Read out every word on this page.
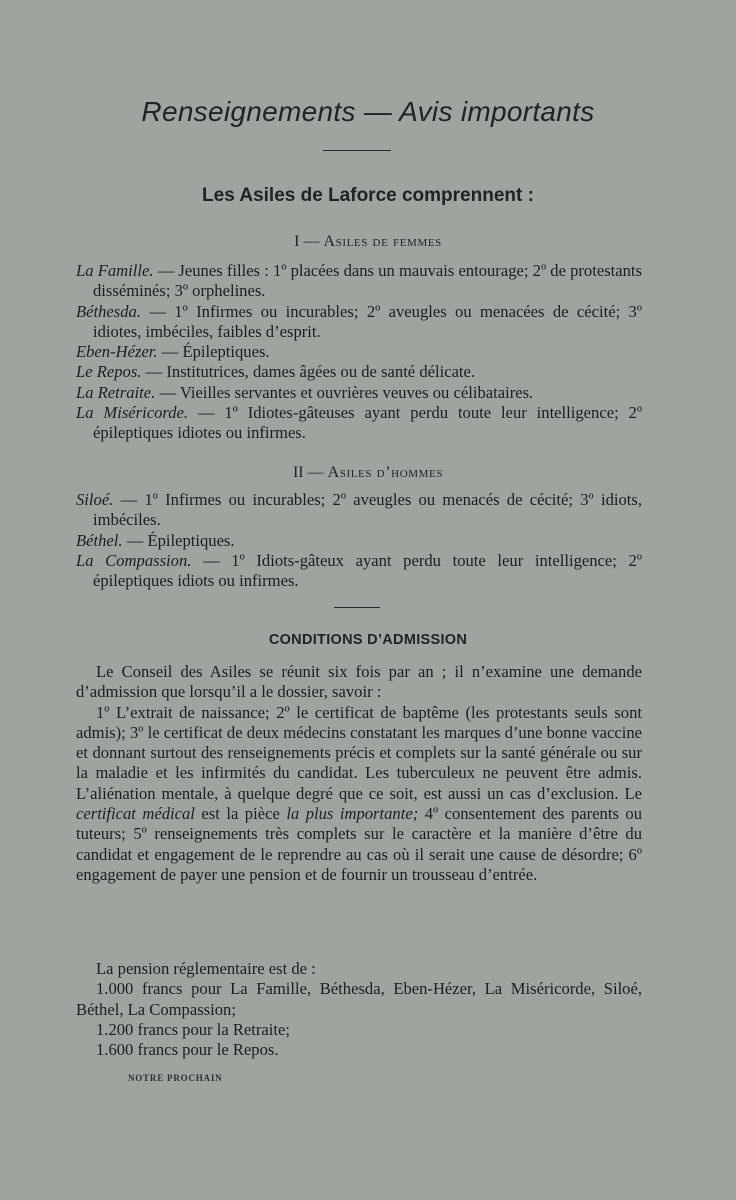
Renseignements — Avis importants
Les Asiles de Laforce comprennent :
I — Asiles de femmes

La Famille. — Jeunes filles : 1º placées dans un mauvais entourage; 2º de protestants disséminés; 3º orphelines.

Béthesda. — 1º Infirmes ou incurables; 2º aveugles ou menacées de cécité; 3º idiotes, imbéciles, faibles d’esprit.

Eben-Hézer. — Épileptiques.

Le Repos. — Institutrices, dames âgées ou de santé délicate.

La Retraite. — Vieilles servantes et ouvrières veuves ou célibataires.

La Miséricorde. — 1º Idiotes-gâteuses ayant perdu toute leur intelligence; 2º épileptiques idiotes ou infirmes.

II — Asiles d’hommes

Siloé. — 1º Infirmes ou incurables; 2º aveugles ou menacés de cécité; 3º idiots, imbéciles.

Béthel. — Épileptiques.

La Compassion. — 1º Idiots-gâteux ayant perdu toute leur intelligence; 2º épileptiques idiots ou infirmes.

CONDITIONS D’ADMISSION

Le Conseil des Asiles se réunit six fois par an ; il n’examine une demande d’admission que lorsqu’il a le dossier, savoir :

1º L’extrait de naissance; 2º le certificat de baptême (les protestants seuls sont admis); 3º le certificat de deux médecins constatant les marques d’une bonne vaccine et donnant surtout des renseignements précis et complets sur la santé générale ou sur la maladie et les infirmités du candidat. Les tuberculeux ne peuvent être admis. L’aliénation mentale, à quelque degré que ce soit, est aussi un cas d’exclusion. Le certificat médical est la pièce la plus importante; 4º consentement des parents ou tuteurs; 5º renseignements très complets sur le caractère et la manière d’être du candidat et engagement de le reprendre au cas où il serait une cause de désordre; 6º engagement de payer une pension et de fournir un trousseau d’entrée.

La pension réglementaire est de :

1.000 francs pour La Famille, Béthesda, Eben-Hézer, La Miséricorde, Siloé, Béthel, La Compassion;

1.200 francs pour la Retraite;

1.600 francs pour le Repos.

NOTRE PROCHAIN
